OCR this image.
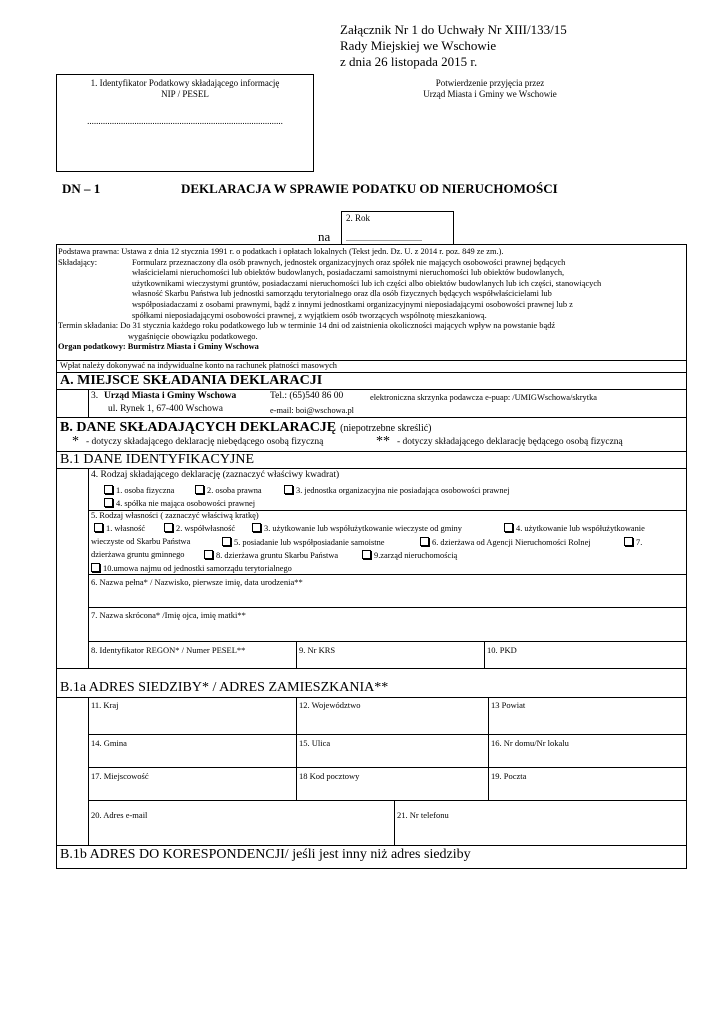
Załącznik Nr 1 do Uchwały Nr XIII/133/15
Rady Miejskiej we Wschowie
z dnia 26 listopada 2015 r.
1. Identyfikator Podatkowy składającego informację
NIP / PESEL
.......................................................................................
Potwierdzenie przyjęcia przez
Urząd Miasta i Gminy we Wschowie
DN – 1	DEKLARACJA W SPRAWIE PODATKU OD NIERUCHOMOŚCI
na
2. Rok
......................................
Podstawa prawna: Ustawa z dnia 12 stycznia 1991 r. o podatkach i opłatach lokalnych (Tekst jedn. Dz. U. z 2014 r. poz. 849 ze zm.).
Składający:	Formularz przeznaczony dla osób prawnych, jednostek organizacyjnych oraz spółek nie mających osobowości prawnej będących
właścicielami nieruchomości lub obiektów budowlanych, posiadaczami samoistnymi nieruchomości lub obiektów budowlanych,
użytkownikami wieczystymi gruntów, posiadaczami nieruchomości lub ich części albo obiektów budowlanych lub ich części, stanowiących
własność Skarbu Państwa lub jednostki samorządu terytorialnego oraz dla osób fizycznych będących współwłaścicielami lub
współposiadaczami z osobami prawnymi, bądź z innymi jednostkami organizacyjnymi nieposiadającymi osobowości prawnej lub z
spółkami nieposiadającymi osobowości prawnej, z wyjątkiem osób tworzących wspólnotę mieszkaniową.
Termin składania: Do 31 stycznia każdego roku podatkowego lub w terminie 14 dni od zaistnienia okoliczności mających wpływ na powstanie bądź
wygaśnięcie obowiązku podatkowego.
Organ podatkowy: Burmistrz Miasta i Gminy Wschowa
Wpłat należy dokonywać na indywidualne konto na rachunek płatności masowych
A. MIEJSCE SKŁADANIA DEKLARACJI
3. Urząd Miasta i Gminy Wschowa	Tel.: (65)540 86 00	elektroniczna skrzynka podawcza e-puap: /UMIGWschowa/skrytka
ul. Rynek 1, 67-400 Wschowa	e-mail: boi@wschowa.pl
B. DANE SKŁADAJĄCYCH DEKLARACJĘ (niepotrzebne skreślić)
* - dotyczy składającego deklarację niebędącego osobą fizyczną	** - dotyczy składającego deklarację będącego osobą fizyczną
B.1 DANE IDENTYFIKACYJNE
4. Rodzaj składającego deklarację (zaznaczyć właściwy kwadrat)
1. osoba fizyczna	2. osoba prawna	3. jednostka organizacyjna nie posiadająca osobowości prawnej
4. spółka nie mająca osobowości prawnej
5. Rodzaj własności ( zaznaczyć właściwą kratkę)
1. własność	2. współwłasność	3. użytkowanie lub współużytkowanie wieczyste od gminy	4. użytkowanie lub współużytkowanie
wieczyste od Skarbu Państwa	5. posiadanie lub współposiadanie samoistne	6. dzierżawa od Agencji Nieruchomości Rolnej	7.
dzierżawa gruntu gminnego	8. dzierżawa gruntu Skarbu Państwa	9.zarząd nieruchomością
10.umowa najmu od jednostki samorządu terytorialnego
6. Nazwa pełna* / Nazwisko, pierwsze imię, data urodzenia**
7. Nazwa skrócona* /Imię ojca, imię matki**
8. Identyfikator REGON* / Numer PESEL**	9. Nr KRS	10. PKD
B.1a ADRES SIEDZIBY* / ADRES ZAMIESZKANIA**
11. Kraj	12. Województwo	13 Powiat
14. Gmina	15. Ulica	16. Nr domu/Nr lokalu
17. Miejscowość	18 Kod pocztowy	19. Poczta
20. Adres e-mail	21. Nr telefonu
B.1b ADRES DO KORESPONDENCJI/ jeśli jest inny niż adres siedziby
